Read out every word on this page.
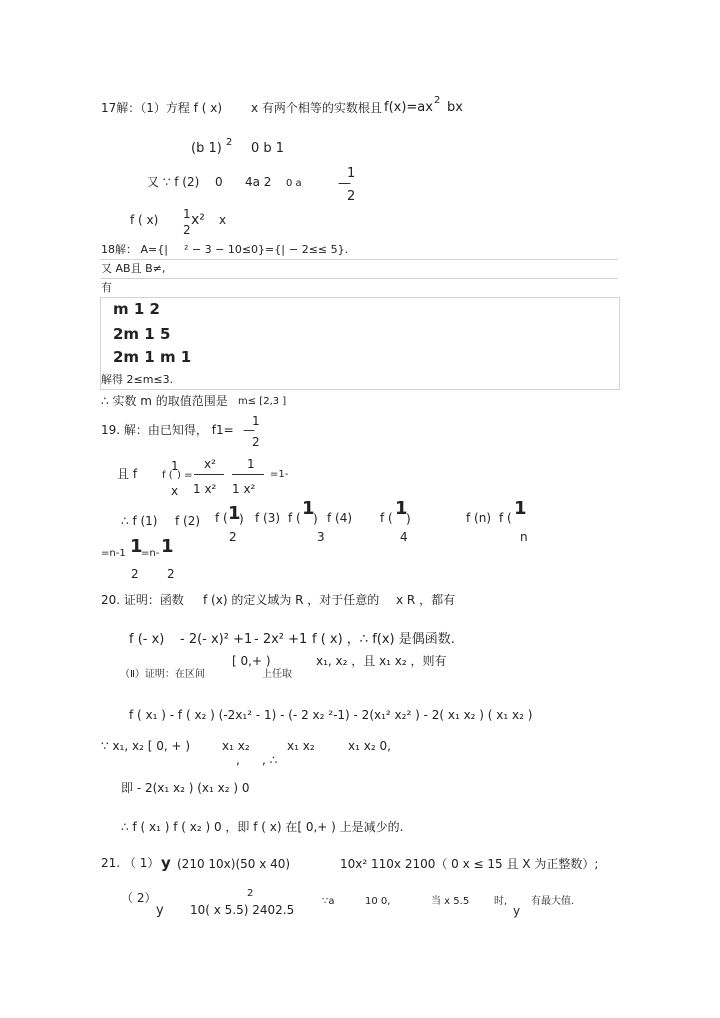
17解：（1）方程 f ( x) x 有两个相等的实数根且 f(x)=ax 2 bx
(b 1) 2 0 b 1
又 ∵ f (2) 0 4a 2 0 a
1
—
2
f ( x) 1 x²
2
x
18解： A={| ² − 3 − 10≤0}={| − 2≤≤ 5}.
又 AB且 B≠,
有
m 1 2
2m 1 5
2m 1 m 1
解得 2≤m≤3.
∴ 实数 m 的取值范围是 m≤ [2,3 ]
19. 解：由已知得， f1=
1
—
2
且 f f (
1
x
) =
x²
1 x²
1
1 x²
=1-
∴ f (1) f (2) f ( 1
2
) f (3) f ( 1
3
) f (4) f ( 1
4
)	f (n) f ( 1
n
=n-1 1
2
=n- 1
2
20. 证明：函数 f (x) 的定义域为 R ，对于任意的 x R ，都有
f (- x) - 2(- x)² +1 - 2x² +1 f ( x) ，∴ f(x) 是偶函数.
[ 0,+ )	x₁, x₂ ，且 x₁ x₂ ，则有
（Ⅱ）证明：在区间	上任取
f ( x₁ ) - f ( x₂ ) (-2x₁² - 1) - (- 2 x₂ ²-1) - 2(x₁² x₂² ) - 2( x₁ x₂ ) ( x₁ x₂ )
∵ x₁, x₂ [ 0, + )	x₁ x₂
,
x₁ x₂	x₁ x₂ 0,
, ∴
即 - 2(x₁ x₂ ) (x₁ x₂ ) 0
∴ f ( x₁ ) f ( x₂ ) 0 ，即 f ( x) 在[ 0,+ ) 上是减少的.
21. （ 1） y (210 10x)(50 x 40)	10x² 110x 2100（ 0 x ≤ 15 且 X 为正整数）;
（ 2）
y
2
10( x 5.5) 2402.5
∵a	10 0,	当 x 5.5 时,
y
有最大值.
